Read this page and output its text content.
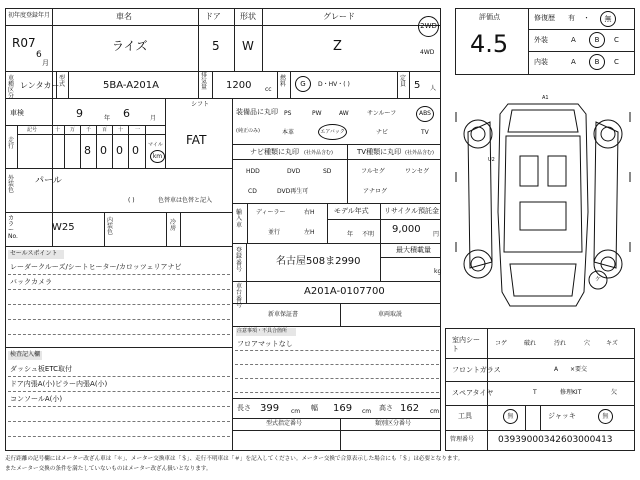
初年度登録年月
R07
6
月
車名
ライズ
ドア
5
形状
W
グレード
Z
2WD
4WD
車種区分
レンタカー
型式	5BA-A201A
排気量 1200 cc
燃料	G	D・HV・( )
定員 5 人
車検	9	年 6	月
シフト
FAT
走行
記号	十 万 千 百 十 一
8 0 0 0 マイル
km
外装色
パール
( )	色替車は色替と記入
カラーNo.
W25
内装色
冷房
セールスポイント
レーダークルーズ/シートヒーター/カロッツェリアナビ
バックカメラ
検査記入欄
ダッシュ板ETC取付
ドア内張A(小)ピラー内張A(小)
コンソールA(小)
装備品に丸印
(純正のみ)
PS	PW	AW	サンルーフ	ABS
本革	エアバック	ナビ	TV
ナビ種類に丸印 (社外品含む)	TV種類に丸印 (社外品含む)
HDD	DVD	SD
CD	DVD再生可
フルセグ	ワンセグ
アナログ
輸入車
ディーラー
並行
右H
左H
モデル年式
年 不明
リサイクル預託金
9,000 円
登録番号
名古屋508ま2990
最大積載量
kg
車台番号
A201A-0107700
新車保証書	車両取説
注意事項・不具合箇所
フロアマットなし
長さ 399 cm 幅 169 cm 高さ 162 cm
型式指定番号	類別区分番号
評価点
4.5
修復歴 有 ・	無
外装	A	B	C
内装	A	B	C
A1
U2
ケ
室内シート
コゲ	破れ	汚れ	穴	キズ
フロントガラス	A ×要交
スペアタイヤ	T	修理KIT	欠
工具	無	ジャッキ	無
管理番号	03939000342603000413
走行距離の記号欄にはメーター改ざん車は「＊」、メーター交換車は「＄」、走行不明車は「＃」を記入してください。メーター交換で合算表示した場合にも「＄」は必要となります。
またメーター交換の条件を満たしていないものはメーター改ざん扱いとなります。
